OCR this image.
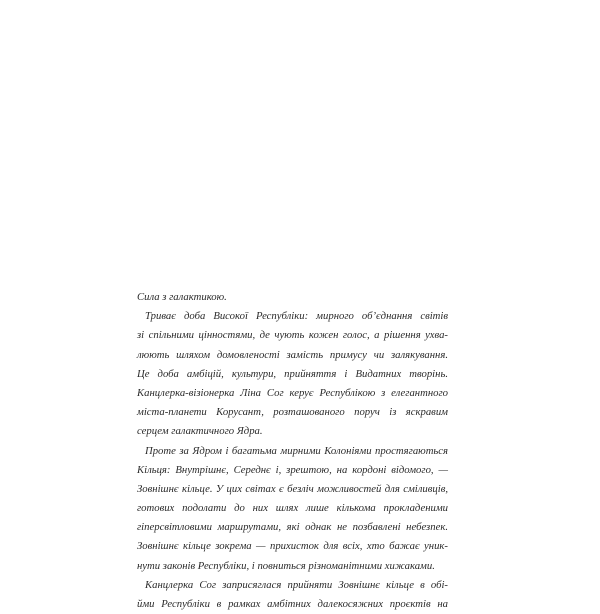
Сила з галактикою.
Триває доба Високої Республіки: мирного об’єднання світів
зі спільними цінностями, де чують кожен голос, а рішення ухва-
люють шляхом домовленості замість примусу чи залякування.
Це доба амбіцій, культури, прийняття і Видатних творінь.
Канцлерка-візіонерка Ліна Сог керує Республікою з елегантного
міста-планети Корусант, розташованого поруч із яскравим
серцем галактичного Ядра.
Проте за Ядром і багатьма мирними Колоніями простягаються
Кільця: Внутрішнє, Середнє і, зрештою, на кордоні відомого, —
Зовнішнє кільце. У цих світах є безліч можливостей для сміливців,
готових подолати до них шлях лише кількома прокладеними
гіперсвітловими маршрутами, які однак не позбавлені небезпек.
Зовнішнє кільце зокрема — прихисток для всіх, хто бажає уник-
нути законів Республіки, і повниться різноманітними хижаками.
Канцлерка Сог заприсяглася прийняти Зовнішнє кільце в обі-
йми Республіки в рамках амбітних далекосяжних проєктів на
